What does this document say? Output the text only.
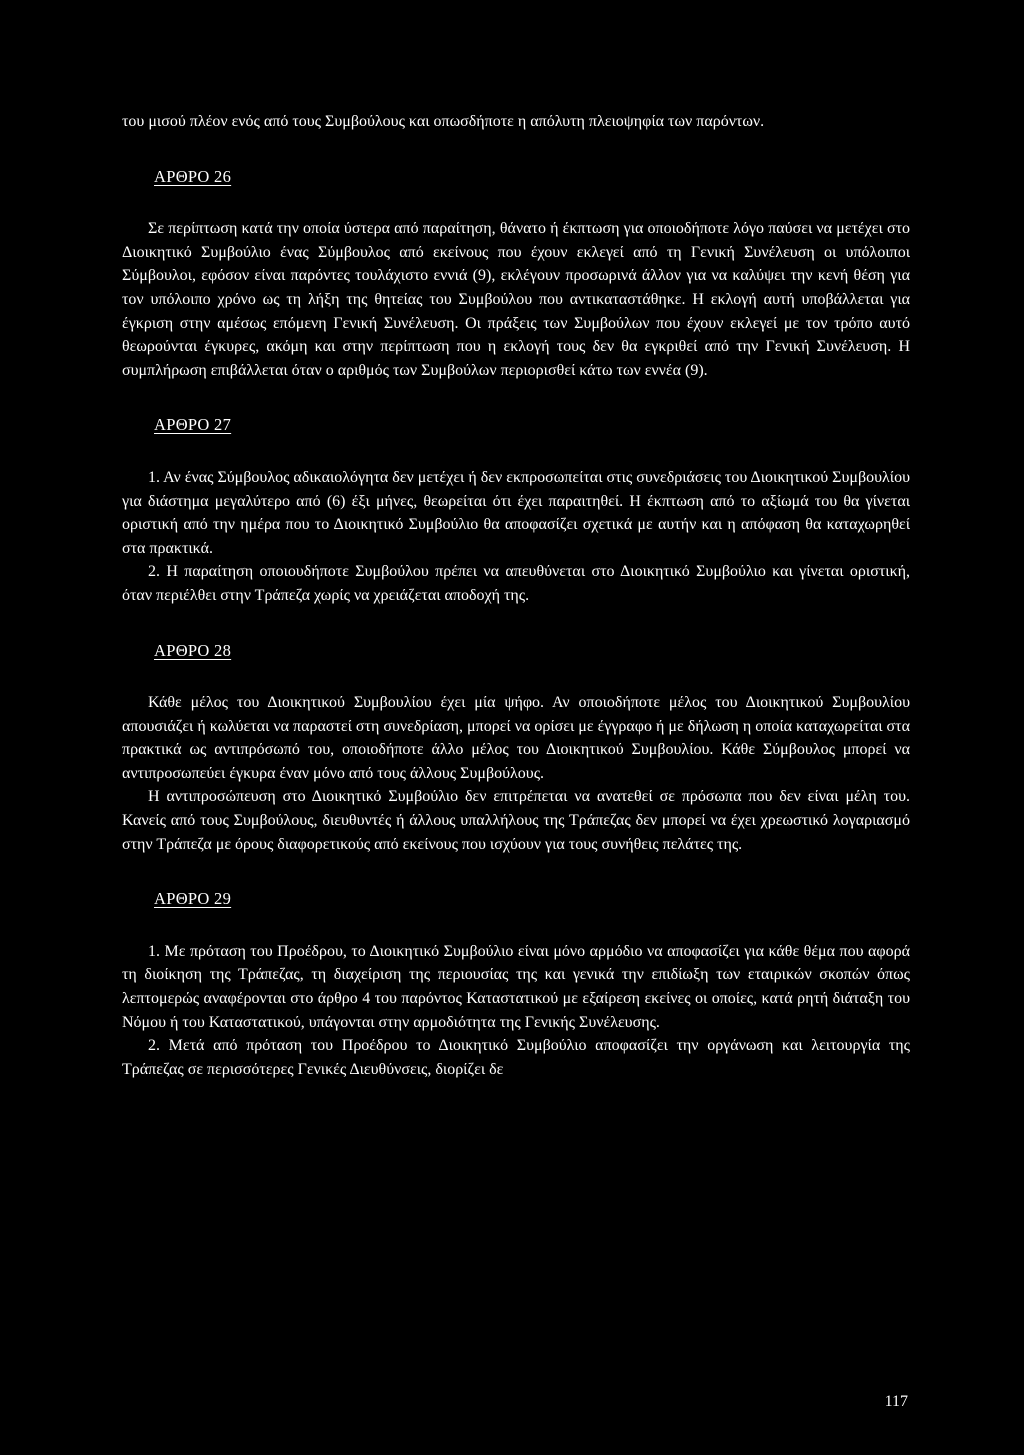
του μισού πλέον ενός από τους Συμβούλους και οπωσδήποτε η απόλυτη πλειοψηφία των παρόντων.

ΑΡΘΡΟ 26

Σε περίπτωση κατά την οποία ύστερα από παραίτηση, θάνατο ή έκπτωση για οποιοδήποτε λόγο παύσει να μετέχει στο Διοικητικό Συμβούλιο ένας Σύμβουλος από εκείνους που έχουν εκλεγεί από τη Γενική Συνέλευση οι υπόλοιποι Σύμβουλοι, εφόσον είναι παρόντες τουλάχιστο εννιά (9), εκλέγουν προσωρινά άλλον για να καλύψει την κενή θέση για τον υπόλοιπο χρόνο ως τη λήξη της θητείας του Συμβούλου που αντικαταστάθηκε. Η εκλογή αυτή υποβάλλεται για έγκριση στην αμέσως επόμενη Γενική Συνέλευση. Οι πράξεις των Συμβούλων που έχουν εκλεγεί με τον τρόπο αυτό θεωρούνται έγκυρες, ακόμη και στην περίπτωση που η εκλογή τους δεν θα εγκριθεί από την Γενική Συνέλευση. Η συμπλήρωση επιβάλλεται όταν ο αριθμός των Συμβούλων περιορισθεί κάτω των εννέα (9).

ΑΡΘΡΟ 27

1. Αν ένας Σύμβουλος αδικαιολόγητα δεν μετέχει ή δεν εκπροσωπείται στις συνεδριάσεις του Διοικητικού Συμβουλίου για διάστημα μεγαλύτερο από (6) έξι μήνες, θεωρείται ότι έχει παραιτηθεί. Η έκπτωση από το αξίωμά του θα γίνεται οριστική από την ημέρα που το Διοικητικό Συμβούλιο θα αποφασίζει σχετικά με αυτήν και η απόφαση θα καταχωρηθεί στα πρακτικά.

2. Η παραίτηση οποιουδήποτε Συμβούλου πρέπει να απευθύνεται στο Διοικητικό Συμβούλιο και γίνεται οριστική, όταν περιέλθει στην Τράπεζα χωρίς να χρειάζεται αποδοχή της.

ΑΡΘΡΟ 28

Κάθε μέλος του Διοικητικού Συμβουλίου έχει μία ψήφο. Αν οποιοδήποτε μέλος του Διοικητικού Συμβουλίου απουσιάζει ή κωλύεται να παραστεί στη συνεδρίαση, μπορεί να ορίσει με έγγραφο ή με δήλωση η οποία καταχωρείται στα πρακτικά ως αντιπρόσωπό του, οποιοδήποτε άλλο μέλος του Διοικητικού Συμβουλίου. Κάθε Σύμβουλος μπορεί να αντιπροσωπεύει έγκυρα έναν μόνο από τους άλλους Συμβούλους.

Η αντιπροσώπευση στο Διοικητικό Συμβούλιο δεν επιτρέπεται να ανατεθεί σε πρόσωπα που δεν είναι μέλη του. Κανείς από τους Συμβούλους, διευθυντές ή άλλους υπαλλήλους της Τράπεζας δεν μπορεί να έχει χρεωστικό λογαριασμό στην Τράπεζα με όρους διαφορετικούς από εκείνους που ισχύουν για τους συνήθεις πελάτες της.

ΑΡΘΡΟ 29

1. Με πρόταση του Προέδρου, το Διοικητικό Συμβούλιο είναι μόνο αρμόδιο να αποφασίζει για κάθε θέμα που αφορά τη διοίκηση της Τράπεζας, τη διαχείριση της περιουσίας της και γενικά την επιδίωξη των εταιρικών σκοπών όπως λεπτομερώς αναφέρονται στο άρθρο 4 του παρόντος Καταστατικού με εξαίρεση εκείνες οι οποίες, κατά ρητή διάταξη του Νόμου ή του Καταστατικού, υπάγονται στην αρμοδιότητα της Γενικής Συνέλευσης.

2. Μετά από πρόταση του Προέδρου το Διοικητικό Συμβούλιο αποφασίζει την οργάνωση και λειτουργία της Τράπεζας σε περισσότερες Γενικές Διευθύνσεις, διορίζει δε

117
